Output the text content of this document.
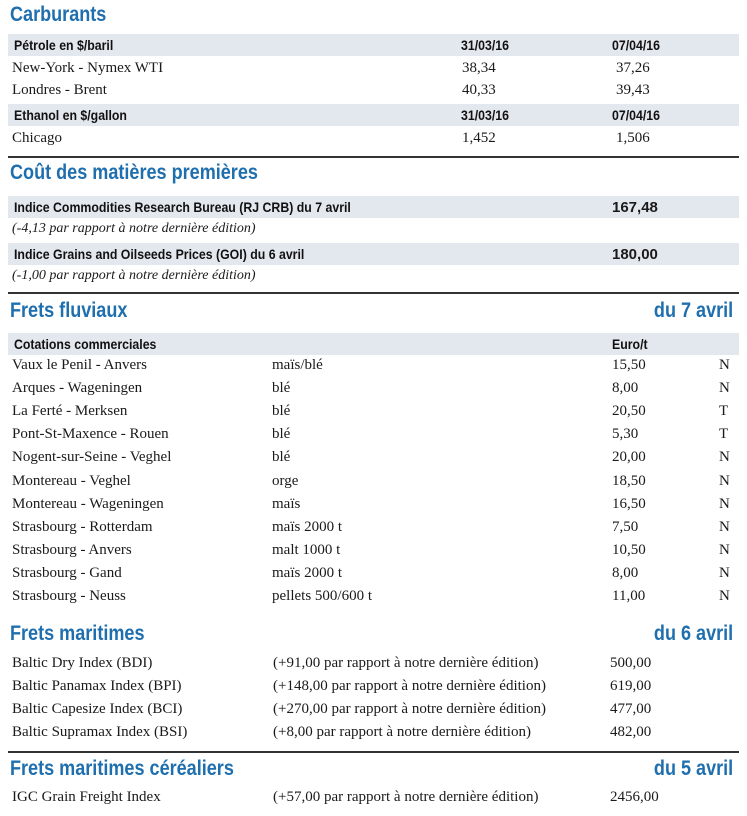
Carburants
Pétrole en $/baril	31/03/16	07/04/16
New-York - Nymex WTI	38,34	37,26
Londres - Brent	40,33	39,43
Ethanol en $/gallon	31/03/16	07/04/16
Chicago	1,452	1,506
Coût des matières premières
Indice Commodities Research Bureau (RJ CRB) du 7 avril	167,48
(-4,13 par rapport à notre dernière édition)
Indice Grains and Oilseeds Prices (GOI) du 6 avril	180,00
(-1,00 par rapport à notre dernière édition)
Frets fluviaux	du 7 avril
Cotations commerciales	Euro/t
Vaux le Penil - Anvers	maïs/blé	15,50	N
Arques - Wageningen	blé	8,00	N
La Ferté - Merksen	blé	20,50	T
Pont-St-Maxence - Rouen	blé	5,30	T
Nogent-sur-Seine - Veghel	blé	20,00	N
Montereau - Veghel	orge	18,50	N
Montereau - Wageningen	maïs	16,50	N
Strasbourg - Rotterdam	maïs 2000 t	7,50	N
Strasbourg - Anvers	malt 1000 t	10,50	N
Strasbourg - Gand	maïs 2000 t	8,00	N
Strasbourg - Neuss	pellets 500/600 t	11,00	N
Frets maritimes	du 6 avril
Baltic Dry Index (BDI)	(+91,00 par rapport à notre dernière édition)	500,00
Baltic Panamax Index (BPI)	(+148,00 par rapport à notre dernière édition)	619,00
Baltic Capesize Index (BCI)	(+270,00 par rapport à notre dernière édition)	477,00
Baltic Supramax Index (BSI)	(+8,00 par rapport à notre dernière édition)	482,00
Frets maritimes céréaliers	du 5 avril
IGC Grain Freight Index	(+57,00 par rapport à notre dernière édition)	2456,00
